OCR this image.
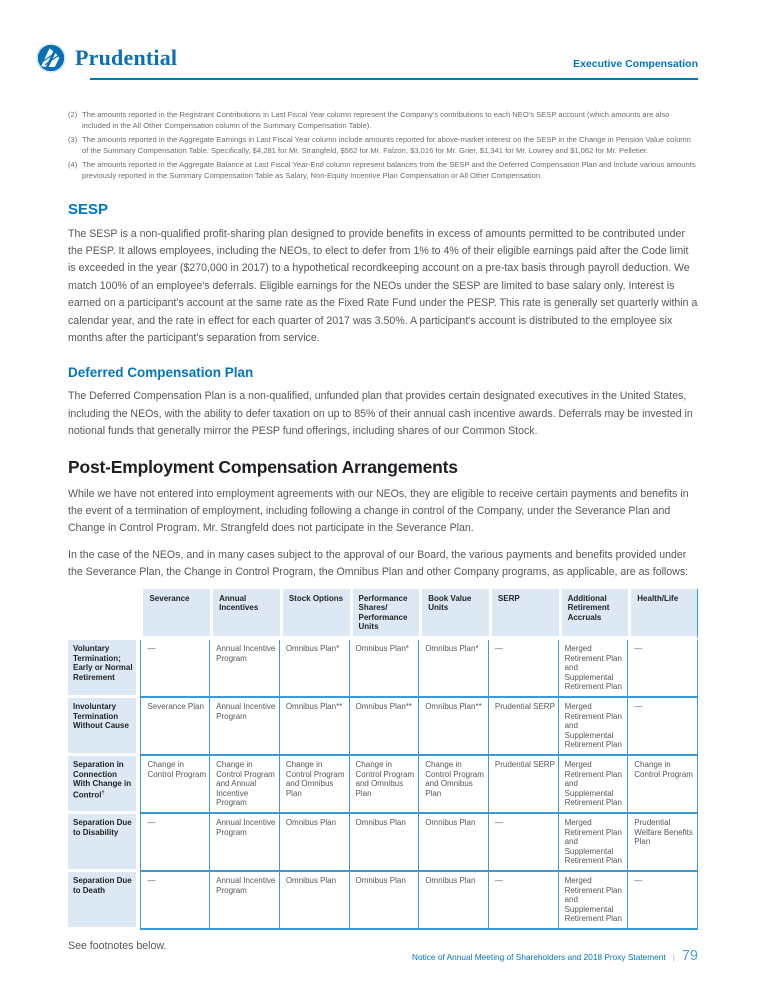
Prudential	Executive Compensation
(2) The amounts reported in the Registrant Contributions in Last Fiscal Year column represent the Company's contributions to each NEO's SESP account (which amounts are also included in the All Other Compensation column of the Summary Compensation Table).
(3) The amounts reported in the Aggregate Earnings in Last Fiscal Year column include amounts reported for above-market interest on the SESP in the Change in Pension Value column of the Summary Compensation Table. Specifically, $4,281 for Mr. Strangfeld, $562 for Mr. Falzon, $3,016 for Mr. Grier, $1,341 for Mr. Lowrey and $1,062 for Mr. Pelletier.
(4) The amounts reported in the Aggregate Balance at Last Fiscal Year-End column represent balances from the SESP and the Deferred Compensation Plan and include various amounts previously reported in the Summary Compensation Table as Salary, Non-Equity Incentive Plan Compensation or All Other Compensation.
SESP

The SESP is a non-qualified profit-sharing plan designed to provide benefits in excess of amounts permitted to be contributed under the PESP. It allows employees, including the NEOs, to elect to defer from 1% to 4% of their eligible earnings paid after the Code limit is exceeded in the year ($270,000 in 2017) to a hypothetical recordkeeping account on a pre-tax basis through payroll deduction. We match 100% of an employee's deferrals. Eligible earnings for the NEOs under the SESP are limited to base salary only. Interest is earned on a participant's account at the same rate as the Fixed Rate Fund under the PESP. This rate is generally set quarterly within a calendar year, and the rate in effect for each quarter of 2017 was 3.50%. A participant's account is distributed to the employee six months after the participant's separation from service.

Deferred Compensation Plan

The Deferred Compensation Plan is a non-qualified, unfunded plan that provides certain designated executives in the United States, including the NEOs, with the ability to defer taxation on up to 85% of their annual cash incentive awards. Deferrals may be invested in notional funds that generally mirror the PESP fund offerings, including shares of our Common Stock.

Post-Employment Compensation Arrangements

While we have not entered into employment agreements with our NEOs, they are eligible to receive certain payments and benefits in the event of a termination of employment, including following a change in control of the Company, under the Severance Plan and Change in Control Program. Mr. Strangfeld does not participate in the Severance Plan.

In the case of the NEOs, and in many cases subject to the approval of our Board, the various payments and benefits provided under the Severance Plan, the Change in Control Program, the Omnibus Plan and other Company programs, as applicable, are as follows:

	Severance	Annual Incentives	Stock Options	Performance Shares/ Performance Units	Book Value Units	SERP	Additional Retirement Accruals	Health/Life
Voluntary Termination; Early or Normal Retirement	—	Annual Incentive Program	Omnibus Plan*	Omnibus Plan*	Omnibus Plan*	—	Merged Retirement Plan and Supplemental Retirement Plan	—
Involuntary Termination Without Cause	Severance Plan	Annual Incentive Program	Omnibus Plan**	Omnibus Plan**	Omnibus Plan**	Prudential SERP	Merged Retirement Plan and Supplemental Retirement Plan	—
Separation in Connection With Change in Control†	Change in Control Program	Change in Control Program and Annual Incentive Program	Change in Control Program and Omnibus Plan	Change in Control Program and Omnibus Plan	Change in Control Program and Omnibus Plan	Prudential SERP	Merged Retirement Plan and Supplemental Retirement Plan	Change in Control Program
Separation Due to Disability	—	Annual Incentive Program	Omnibus Plan	Omnibus Plan	Omnibus Plan	—	Merged Retirement Plan and Supplemental Retirement Plan	Prudential Welfare Benefits Plan
Separation Due to Death	—	Annual Incentive Program	Omnibus Plan	Omnibus Plan	Omnibus Plan	—	Merged Retirement Plan and Supplemental Retirement Plan	—
See footnotes below.
Notice of Annual Meeting of Shareholders and 2018 Proxy Statement | 79
